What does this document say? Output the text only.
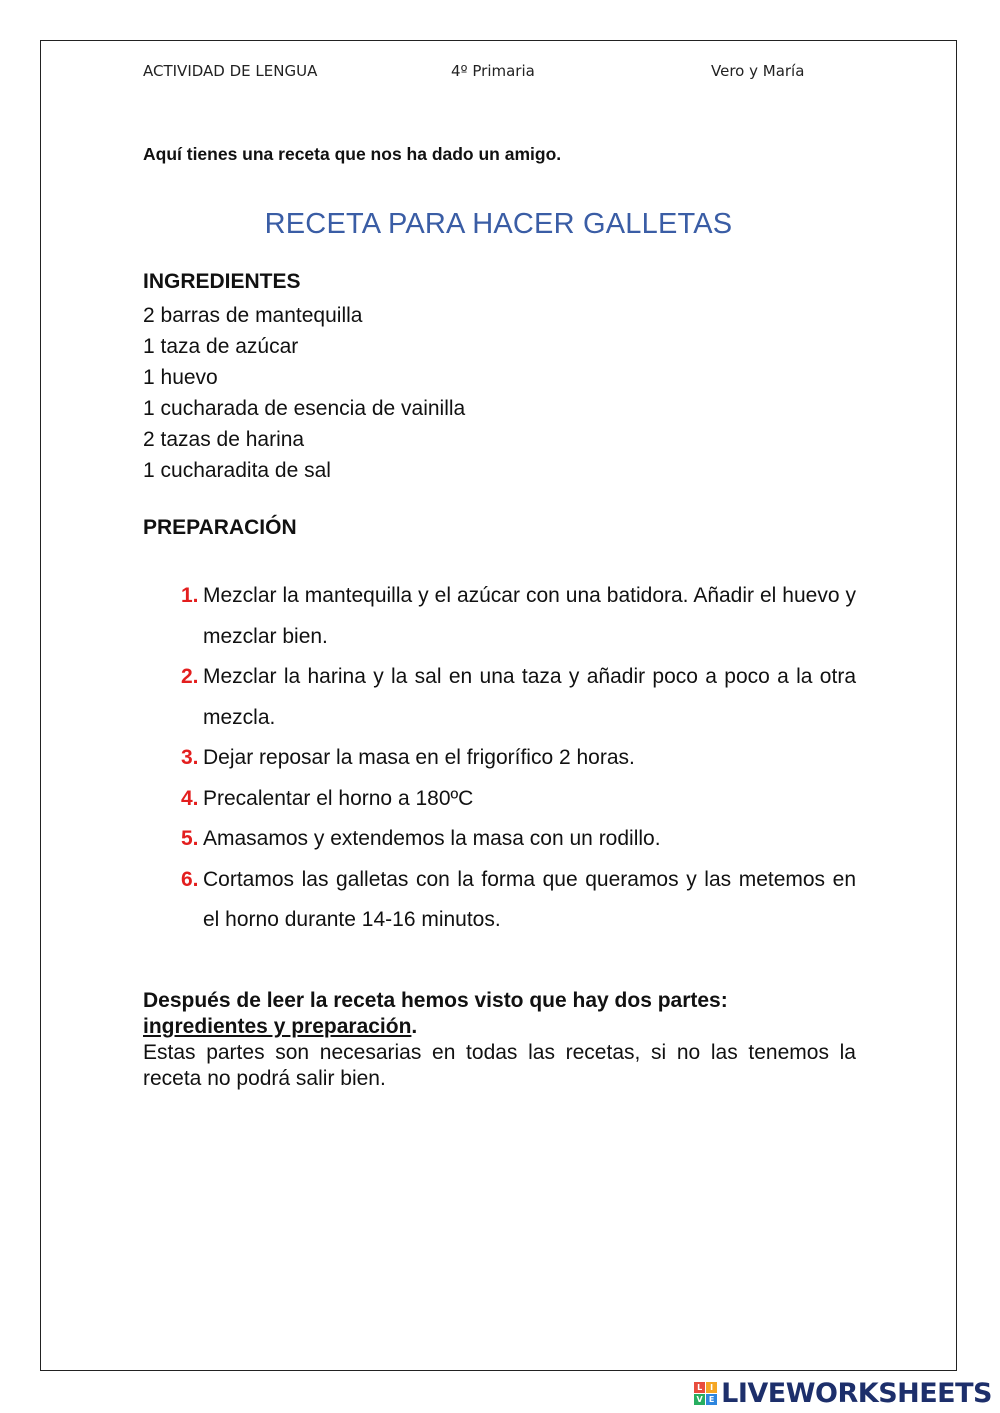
ACTIVIDAD DE LENGUA	4º Primaria	Vero y María
Aquí tienes una receta que nos ha dado un amigo.
RECETA PARA HACER GALLETAS
INGREDIENTES
2 barras de mantequilla
1 taza de azúcar
1 huevo
1 cucharada de esencia de vainilla
2 tazas de harina
1 cucharadita de sal
PREPARACIÓN
1. Mezclar la mantequilla y el azúcar con una batidora. Añadir el huevo y mezclar bien.
2. Mezclar la harina y la sal en una taza y añadir poco a poco a la otra mezcla.
3. Dejar reposar la masa en el frigorífico 2 horas.
4. Precalentar el horno a 180ºC
5. Amasamos y extendemos la masa con un rodillo.
6. Cortamos las galletas con la forma que queramos y las metemos en el horno durante 14-16 minutos.
Después de leer la receta hemos visto que hay dos partes:
ingredientes y preparación.
Estas partes son necesarias en todas las recetas, si no las tenemos la receta no podrá salir bien.
L I
V E LIVEWORKSHEETS
